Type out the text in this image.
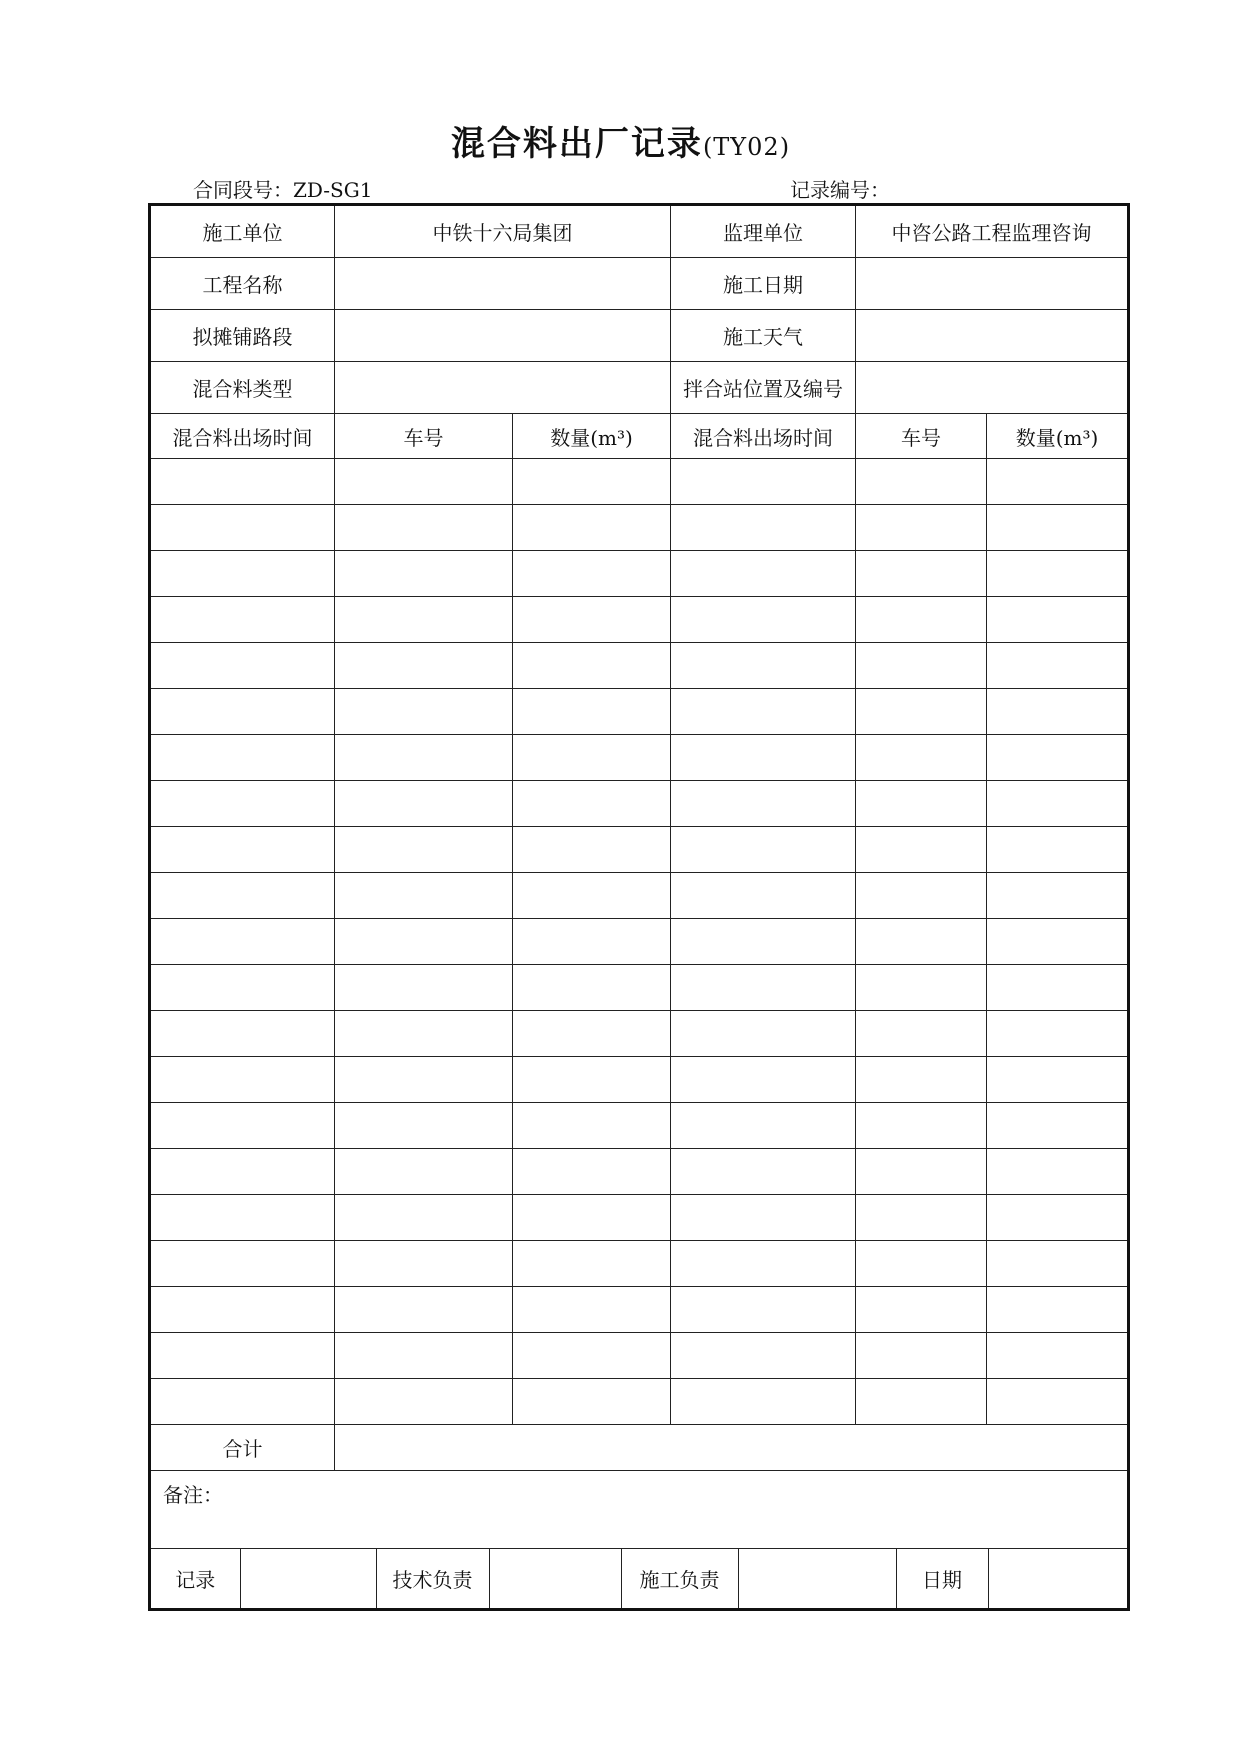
混合料出厂记录(TY02)
合同段号：ZD-SG1	记录编号：
施工单位	中铁十六局集团	监理单位	中咨公路工程监理咨询
工程名称		施工日期	
拟摊铺路段		施工天气	
混合料类型		拌合站位置及编号	
混合料出场时间	车号	数量(m³)	混合料出场时间	车号	数量(m³)

合计	
备注：

记录		技术负责		施工负责		日期	
